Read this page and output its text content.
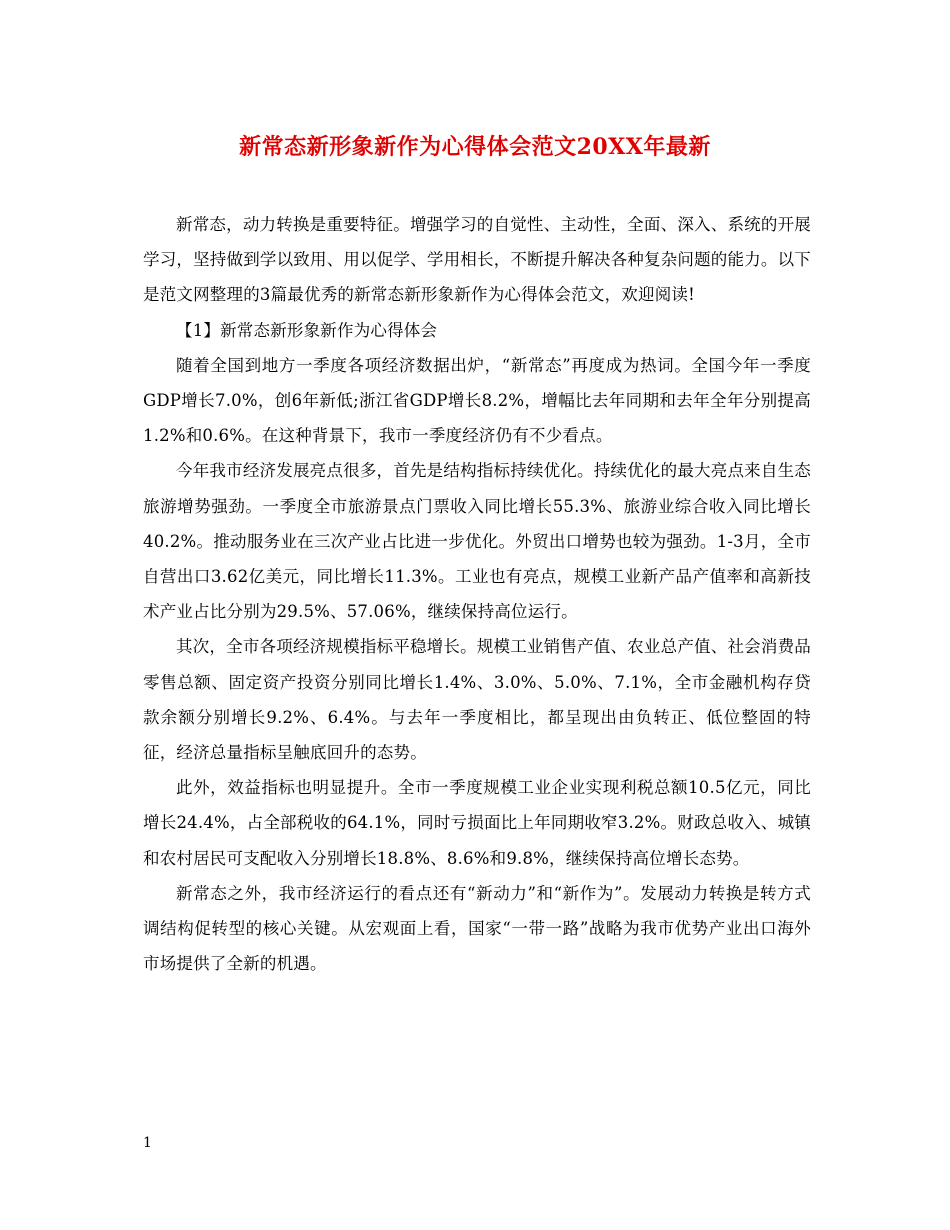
新常态新形象新作为心得体会范文20XX年最新

新常态，动力转换是重要特征。增强学习的自觉性、主动性，全面、深入、系统的开展学习，坚持做到学以致用、用以促学、学用相长，不断提升解决各种复杂问题的能力。以下是范文网整理的3篇最优秀的新常态新形象新作为心得体会范文，欢迎阅读!

【1】新常态新形象新作为心得体会

随着全国到地方一季度各项经济数据出炉，“新常态”再度成为热词。全国今年一季度GDP增长7.0%，创6年新低;浙江省GDP增长8.2%，增幅比去年同期和去年全年分别提高1.2%和0.6%。在这种背景下，我市一季度经济仍有不少看点。

今年我市经济发展亮点很多，首先是结构指标持续优化。持续优化的最大亮点来自生态旅游增势强劲。一季度全市旅游景点门票收入同比增长55.3%、旅游业综合收入同比增长40.2%。推动服务业在三次产业占比进一步优化。外贸出口增势也较为强劲。1-3月，全市自营出口3.62亿美元，同比增长11.3%。工业也有亮点，规模工业新产品产值率和高新技术产业占比分别为29.5%、57.06%，继续保持高位运行。

其次，全市各项经济规模指标平稳增长。规模工业销售产值、农业总产值、社会消费品零售总额、固定资产投资分别同比增长1.4%、3.0%、5.0%、7.1%，全市金融机构存贷款余额分别增长9.2%、6.4%。与去年一季度相比，都呈现出由负转正、低位整固的特征，经济总量指标呈触底回升的态势。

此外，效益指标也明显提升。全市一季度规模工业企业实现利税总额10.5亿元，同比增长24.4%，占全部税收的64.1%，同时亏损面比上年同期收窄3.2%。财政总收入、城镇和农村居民可支配收入分别增长18.8%、8.6%和9.8%，继续保持高位增长态势。

新常态之外，我市经济运行的看点还有“新动力”和“新作为”。发展动力转换是转方式调结构促转型的核心关键。从宏观面上看，国家“一带一路”战略为我市优势产业出口海外市场提供了全新的机遇。

1
